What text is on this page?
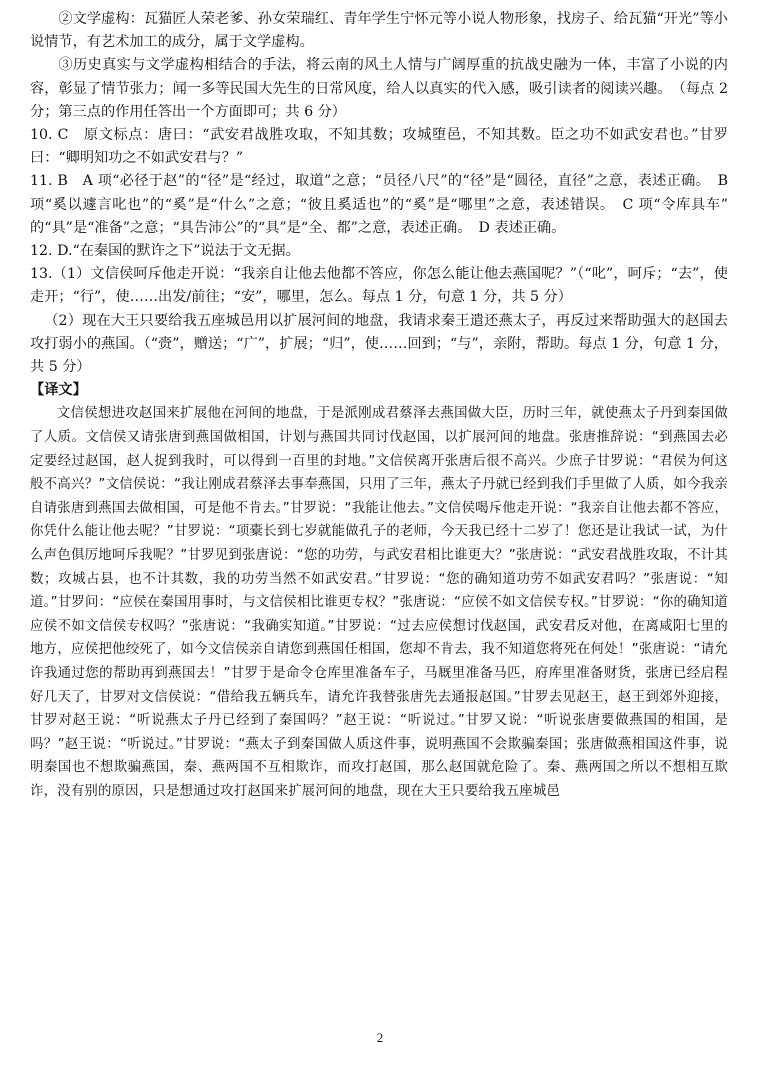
②文学虚构：瓦猫匠人荣老爹、孙女荣瑞红、青年学生宁怀元等小说人物形象，找房子、给瓦猫“开光”等小说情节，有艺术加工的成分，属于文学虚构。

③历史真实与文学虚构相结合的手法，将云南的风土人情与广阔厚重的抗战史融为一体，丰富了小说的内容，彰显了情节张力；闻一多等民国大先生的日常风度，给人以真实的代入感，吸引读者的阅读兴趣。　（每点 2 分；第三点的作用任答出一个方面即可；共 6 分）

10. C　原文标点：唐曰：“武安君战胜攻取，不知其数；攻城堕邑，不知其数。臣之功不如武安君也。”甘罗曰：“卿明知功之不如武安君与？”

11. B　A 项“必径于赵”的“径”是“经过，取道”之意；“员径八尺”的“径”是“圆径，直径”之意，表述正确。　B 项“奚以遽言叱也”的“奚”是“什么”之意；“彼且奚适也”的“奚”是“哪里”之意，表述错误。　C 项“令库具车”　的“具”是“准备”之意；“具告沛公”的“具”是“全、都”之意，表述正确。　D 表述正确。

12. D.“在秦国的默许之下”说法于文无据。

13.（1）文信侯呵斥他走开说：“我亲自让他去他都不答应，你怎么能让他去燕国呢？”（“叱”，呵斥；“去”，使走开；“行”，使……出发/前往；“安”，哪里，怎么。每点 1 分，句意 1 分，共 5 分）

（2）现在大王只要给我五座城邑用以扩展河间的地盘，我请求秦王遣还燕太子，再反过来帮助强大的赵国去攻打弱小的燕国。（“赍”，赠送；“广”，扩展；“归”，使……回到；“与”，亲附，帮助。每点 1 分，句意 1 分，共 5 分）

【译文】

文信侯想进攻赵国来扩展他在河间的地盘，于是派刚成君蔡泽去燕国做大臣，历时三年，就使燕太子丹到秦国做了人质。文信侯又请张唐到燕国做相国，计划与燕国共同讨伐赵国，以扩展河间的地盘。张唐推辞说：“到燕国去必定要经过赵国，赵人捉到我时，可以得到一百里的封地。”文信侯离开张唐后很不高兴。少庶子甘罗说：“君侯为何这般不高兴？”文信侯说：“我让刚成君蔡泽去事奉燕国，只用了三年，燕太子丹就已经到我们手里做了人质，如今我亲自请张唐到燕国去做相国，可是他不肯去。”甘罗说：“我能让他去。”文信侯喝斥他走开说：“我亲自让他去都不答应，你凭什么能让他去呢？”甘罗说：“项橐长到七岁就能做孔子的老师，今天我已经十二岁了！您还是让我试一试，为什么声色俱厉地呵斥我呢？”甘罗见到张唐说：“您的功劳，与武安君相比谁更大？”张唐说：“武安君战胜攻取，不计其数；攻城占县，也不计其数，我的功劳当然不如武安君。”甘罗说：“您的确知道功劳不如武安君吗？”张唐说：“知道。”甘罗问：“应侯在秦国用事时，与文信侯相比谁更专权？”张唐说：“应侯不如文信侯专权。”甘罗说：“你的确知道应侯不如文信侯专权吗？”张唐说：“我确实知道。”甘罗说：“过去应侯想讨伐赵国，武安君反对他，在离咸阳七里的地方，应侯把他绞死了，如今文信侯亲自请您到燕国任相国，您却不肯去，我不知道您将死在何处！”张唐说：“请允许我通过您的帮助再到燕国去！”甘罗于是命令仓库里准备车子，马厩里准备马匹，府库里准备财货，张唐已经启程好几天了，甘罗对文信侯说：“借给我五辆兵车，请允许我替张唐先去通报赵国。”甘罗去见赵王，赵王到郊外迎接，甘罗对赵王说：“听说燕太子丹已经到了秦国吗？”赵王说：“听说过。”甘罗又说：“听说张唐要做燕国的相国，是吗？”赵王说：“听说过。”甘罗说：“燕太子到秦国做人质这件事，说明燕国不会欺骗秦国；张唐做燕相国这件事，说明秦国也不想欺骗燕国，秦、燕两国不互相欺诈，而攻打赵国，那么赵国就危险了。秦、燕两国之所以不想相互欺诈，没有别的原因，只是想通过攻打赵国来扩展河间的地盘，现在大王只要给我五座城邑

2
